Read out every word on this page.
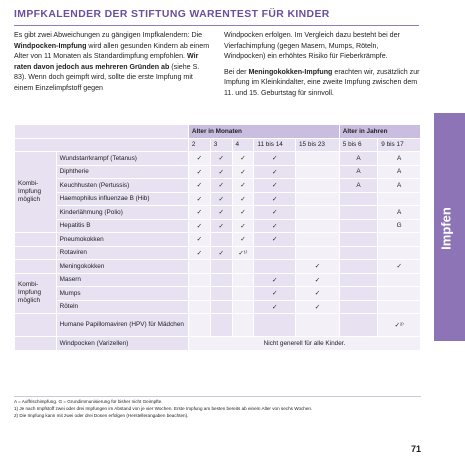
IMPFKALENDER DER STIFTUNG WARENTEST FÜR KINDER

Es gibt zwei Abweichungen zu gängigen Impfkalendern: Die Windpocken-Impfung wird allen gesunden Kindern ab einem Alter von 11 Monaten als Standardimpfung empfohlen. Wir raten davon jedoch aus mehreren Gründen ab (siehe S. 83). Wenn doch geimpft wird, sollte die erste Impfung mit einem Einzelimpfstoff gegen

Windpocken erfolgen. Im Vergleich dazu besteht bei der Vierfachimpfung (gegen Masern, Mumps, Röteln, Windpocken) ein erhöhtes Risiko für Fieberkrämpfe.

Bei der Meningokokken-Impfung erachten wir, zusätzlich zur Impfung im Kleinkindalter, eine zweite Impfung zwischen dem 11. und 15. Geburtstag für sinnvoll.

Impfen
		Alter in Monaten					Alter in Jahren	
		2	3	4	11 bis 14	15 bis 23	5 bis 6	9 bis 17
Kombi-Impfung möglich	Wundstarrkrampf (Tetanus)	✓	✓	✓	✓		A	A
	Diphtherie	✓	✓	✓	✓		A	A
	Keuchhusten (Pertussis)	✓	✓	✓	✓		A	A
	Haemophilus influenzae B (Hib)	✓	✓	✓	✓			
	Kinderlähmung (Polio)	✓	✓	✓	✓			A
	Hepatitis B	✓	✓	✓	✓			G
	Pneumokokken	✓		✓	✓			
	Rotaviren	✓	✓	✓¹⁾				
	Meningokokken					✓		✓
Kombi-Impfung möglich	Masern				✓	✓		
	Mumps				✓	✓		
	Röteln				✓	✓		
	Humane Papillomaviren (HPV) für Mädchen							✓²⁾
	Windpocken (Varizellen)	Nicht generell für alle Kinder.						
A = Auffrischimpfung. G = Grundimmunisierung für bisher nicht Geimpfte.
1) Je nach Impfstoff zwei oder drei Impfungen im Abstand von je vier Wochen. Erste Impfung am besten bereits ab einem Alter von sechs Wochen.
2) Die Impfung kann mit zwei oder drei Dosen erfolgen (Herstellerangaben beachten).
71
